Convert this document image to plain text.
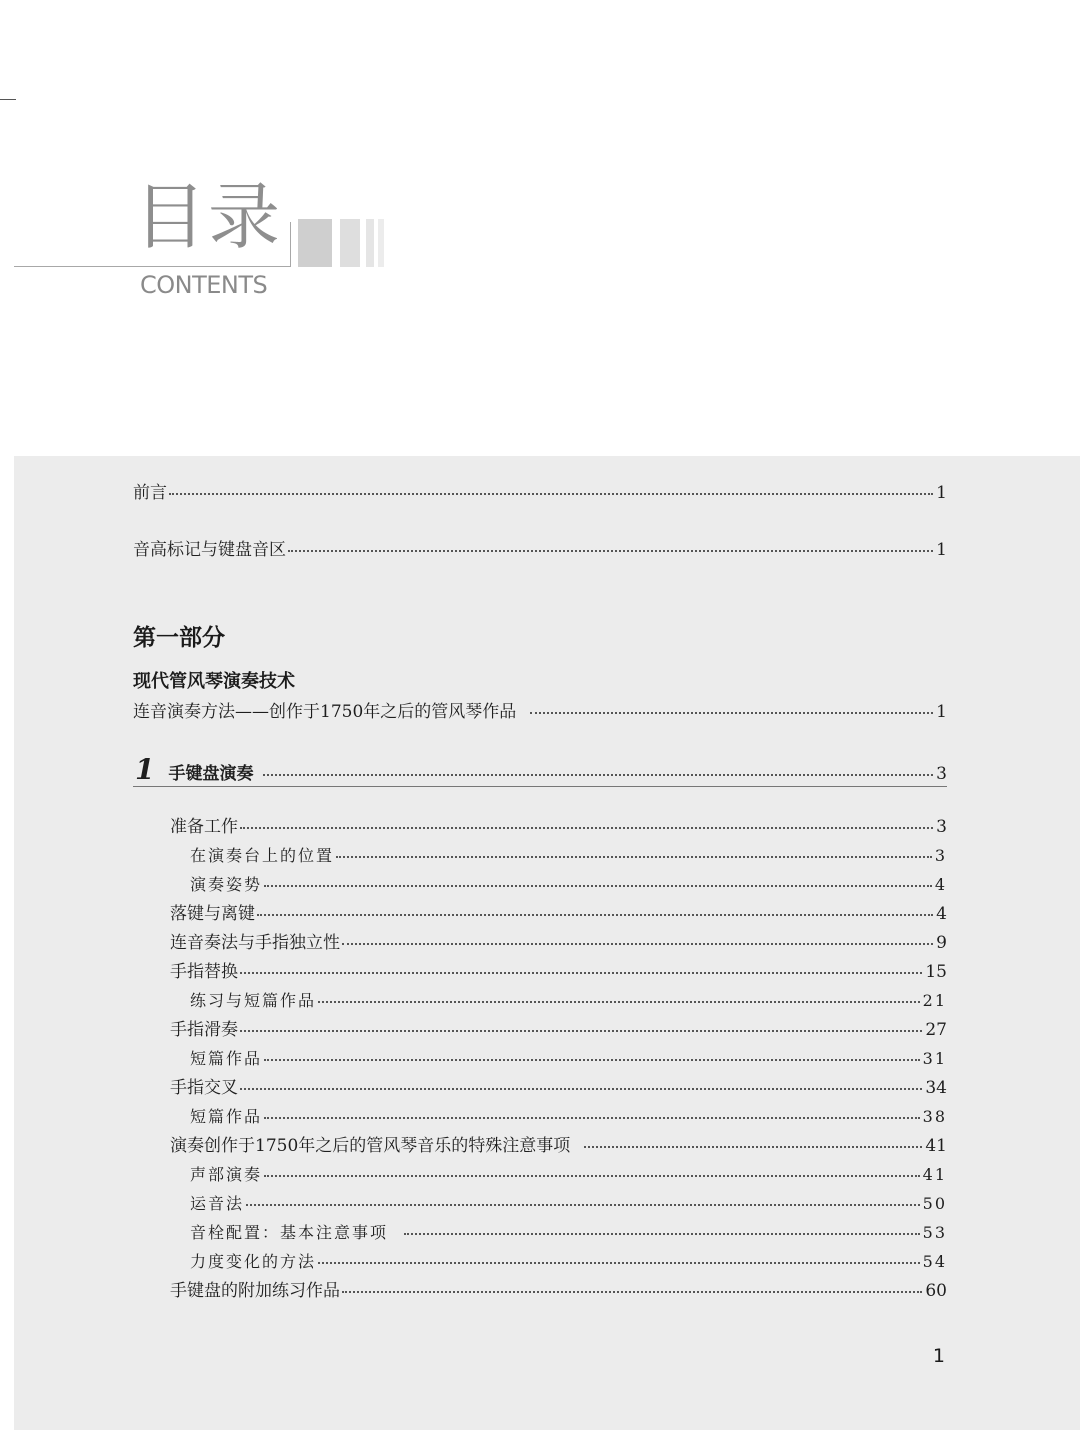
目录
CONTENTS
前言	1
音高标记与键盘音区	1
第一部分
现代管风琴演奏技术
连音演奏方法——创作于1750年之后的管风琴作品	1
1 手键盘演奏	3
准备工作	3
在演奏台上的位置	3
演奏姿势	4
落键与离键	4
连音奏法与手指独立性	9
手指替换	15
练习与短篇作品	21
手指滑奏	27
短篇作品	31
手指交叉	34
短篇作品	38
演奏创作于1750年之后的管风琴音乐的特殊注意事项	41
声部演奏	41
运音法	50
音栓配置：基本注意事项	53
力度变化的方法	54
手键盘的附加练习作品	60
1
